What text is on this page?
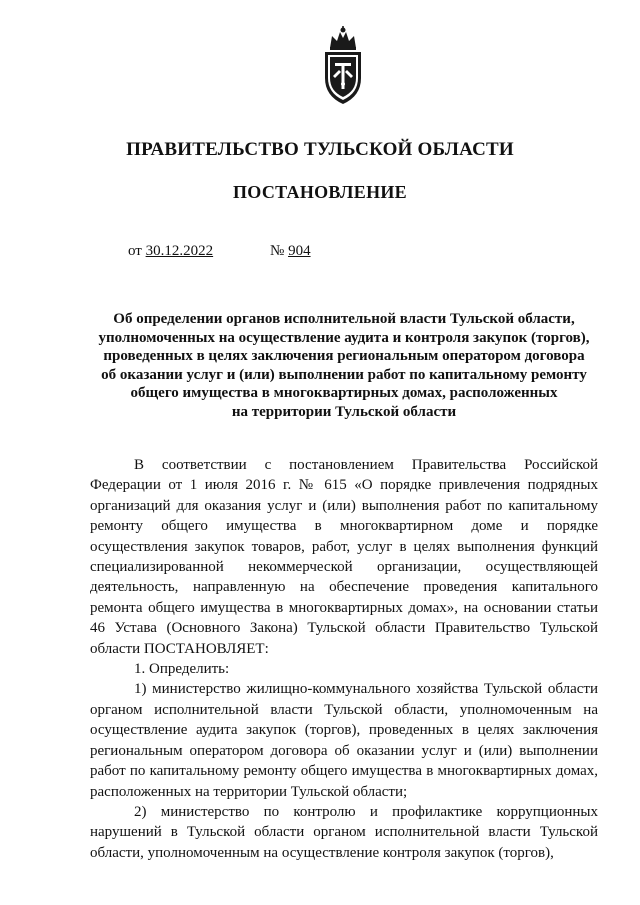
ПРАВИТЕЛЬСТВО ТУЛЬСКОЙ ОБЛАСТИ
ПОСТАНОВЛЕНИЕ
от 30.12.2022	№ 904
Об определении органов исполнительной власти Тульской области,
уполномоченных на осуществление аудита и контроля закупок (торгов),
проведенных в целях заключения региональным оператором договора
об оказании услуг и (или) выполнении работ по капитальному ремонту
общего имущества в многоквартирных домах, расположенных
на территории Тульской области

В соответствии с постановлением Правительства Российской Федерации от 1 июля 2016 г. № 615 «О порядке привлечения подрядных организаций для оказания услуг и (или) выполнения работ по капитальному ремонту общего имущества в многоквартирном доме и порядке осуществления закупок товаров, работ, услуг в целях выполнения функций специализированной некоммерческой организации, осуществляющей деятельность, направленную на обеспечение проведения капитального ремонта общего имущества в многоквартирных домах», на основании статьи 46 Устава (Основного Закона) Тульской области Правительство Тульской области ПОСТАНОВЛЯЕТ:

1. Определить:

1) министерство жилищно-коммунального хозяйства Тульской области органом исполнительной власти Тульской области, уполномоченным на осуществление аудита закупок (торгов), проведенных в целях заключения региональным оператором договора об оказании услуг и (или) выполнении работ по капитальному ремонту общего имущества в многоквартирных домах, расположенных на территории Тульской области;

2) министерство по контролю и профилактике коррупционных нарушений в Тульской области органом исполнительной власти Тульской области, уполномоченным на осуществление контроля закупок (торгов),
